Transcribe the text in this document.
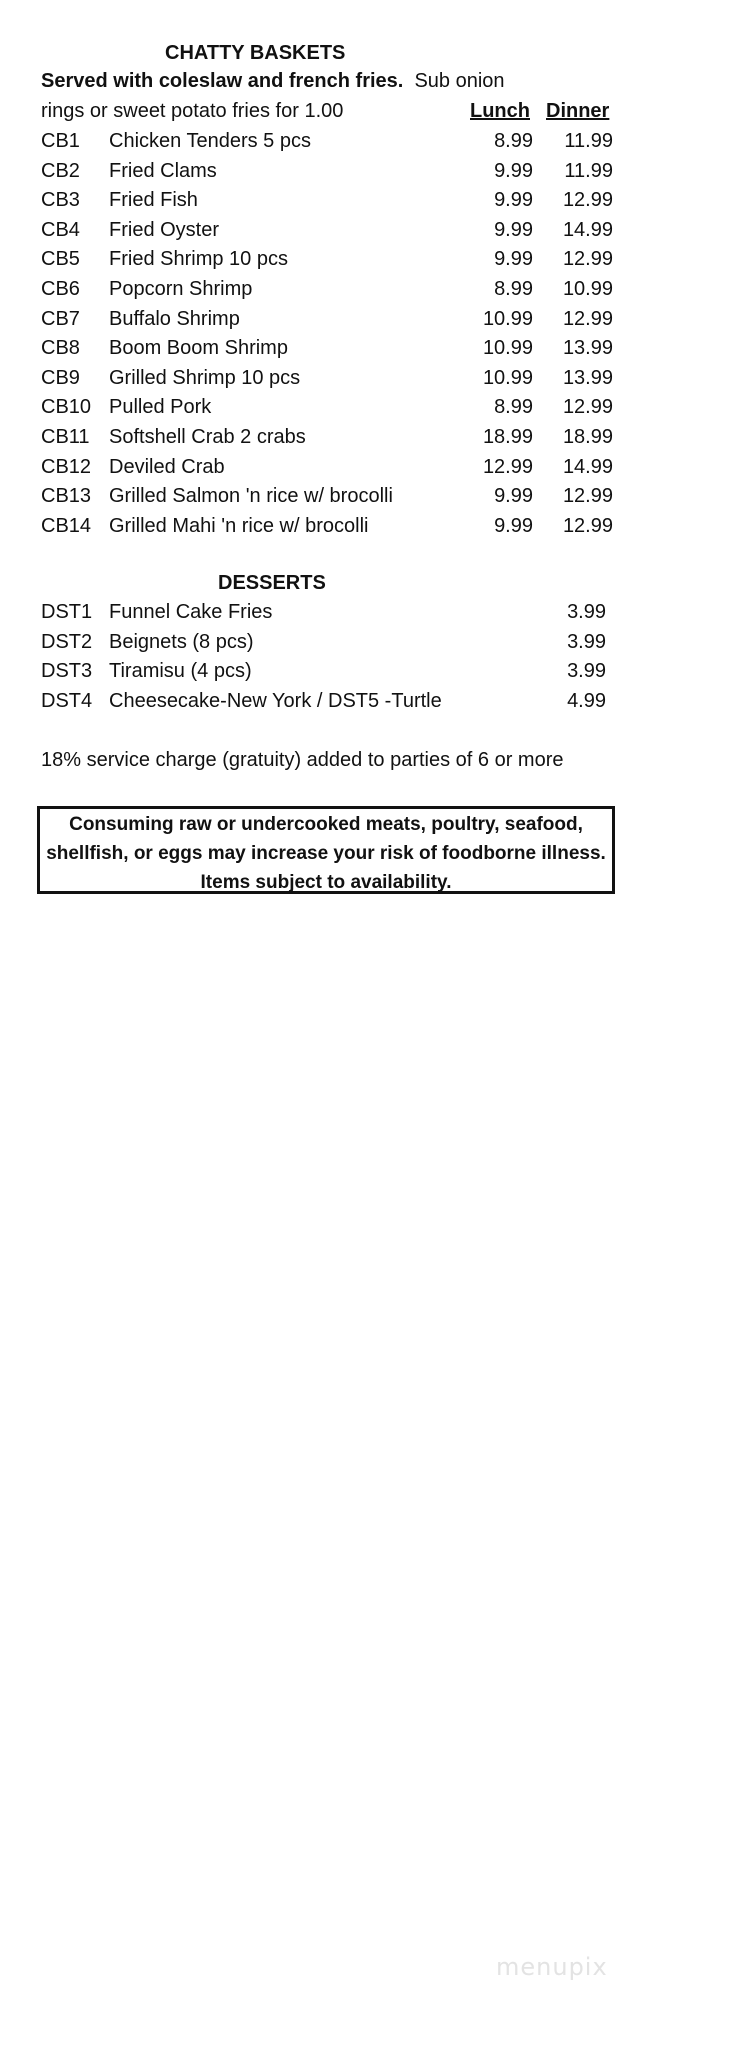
CHATTY BASKETS
Served with coleslaw and french fries. Sub onion
rings or sweet potato fries for 1.00	Lunch Dinner
CB1 Chicken Tenders 5 pcs	8.99 11.99
CB2 Fried Clams	9.99 11.99
CB3 Fried Fish	9.99 12.99
CB4 Fried Oyster	9.99 14.99
CB5 Fried Shrimp 10 pcs	9.99 12.99
CB6 Popcorn Shrimp	8.99 10.99
CB7 Buffalo Shrimp	10.99 12.99
CB8 Boom Boom Shrimp	10.99 13.99
CB9 Grilled Shrimp 10 pcs	10.99 13.99
CB10 Pulled Pork	8.99 12.99
CB11 Softshell Crab 2 crabs	18.99 18.99
CB12 Deviled Crab	12.99 14.99
CB13 Grilled Salmon 'n rice w/ brocolli	9.99 12.99
CB14 Grilled Mahi 'n rice w/ brocolli	9.99 12.99
DESSERTS
DST1 Funnel Cake Fries	3.99
DST2 Beignets (8 pcs)	3.99
DST3 Tiramisu (4 pcs)	3.99
DST4 Cheesecake-New York / DST5 -Turtle	4.99
18% service charge (gratuity) added to parties of 6 or more
Consuming raw or undercooked meats, poultry, seafood,
shellfish, or eggs may increase your risk of foodborne illness.
Items subject to availability.
menupix
